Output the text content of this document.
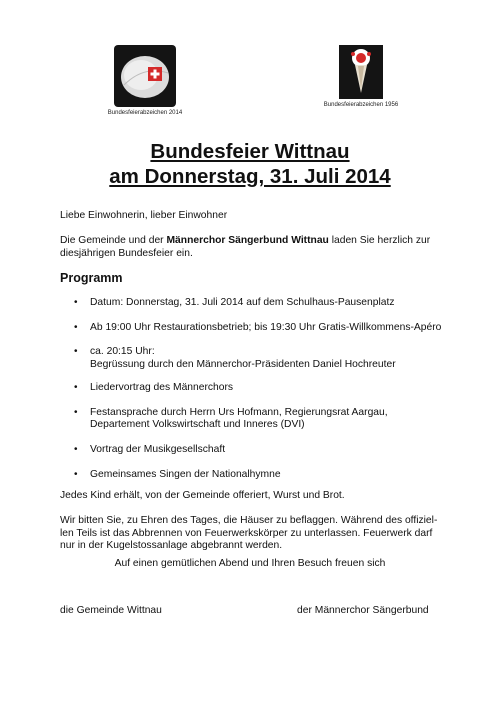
Bundesfeierabzeichen 2014
Bundesfeierabzeichen 1956
Bundesfeier Wittnau
am Donnerstag, 31. Juli 2014
Liebe Einwohnerin, lieber Einwohner
Die Gemeinde und der Männerchor Sängerbund Wittnau laden Sie herzlich zur diesjährigen Bundesfeier ein.
Programm
• Datum: Donnerstag, 31. Juli 2014 auf dem Schulhaus-Pausenplatz
• Ab 19:00 Uhr Restaurationsbetrieb; bis 19:30 Uhr Gratis-Willkommens-Apéro
• ca. 20:15 Uhr:
Begrüssung durch den Männerchor-Präsidenten Daniel Hochreuter
• Liedervortrag des Männerchors
• Festansprache durch Herrn Urs Hofmann, Regierungsrat Aargau,
Departement Volkswirtschaft und Inneres (DVI)
• Vortrag der Musikgesellschaft
• Gemeinsames Singen der Nationalhymne
Jedes Kind erhält, von der Gemeinde offeriert, Wurst und Brot.
Wir bitten Sie, zu Ehren des Tages, die Häuser zu beflaggen. Während des offiziel-
len Teils ist das Abbrennen von Feuerwerkskörper zu unterlassen. Feuerwerk darf
nur in der Kugelstossanlage abgebrannt werden.
Auf einen gemütlichen Abend und Ihren Besuch freuen sich
die Gemeinde Wittnau	der Männerchor Sängerbund
